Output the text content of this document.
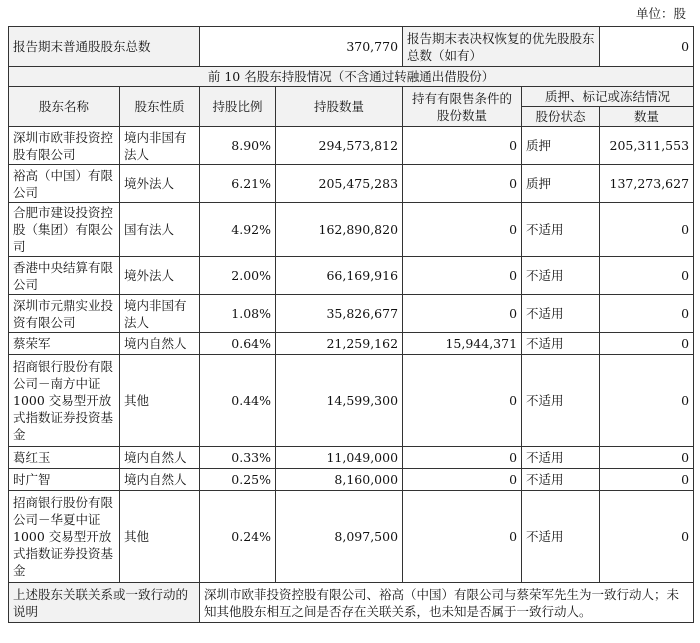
单位：股
报告期末普通股股东总数		370,770		报告期末表决权恢复的优先股股东总数（如有）		0
前 10 名股东持股情况（不含通过转融通出借股份）						
股东名称	股东性质	持股比例	持股数量	持有有限售条件的股份数量	质押、标记或冻结情况	
					股份状态	数量
深圳市欧菲投资控股有限公司	境内非国有法人	8.90%	294,573,812	0	质押	205,311,553
裕高（中国）有限公司	境外法人	6.21%	205,475,283	0	质押	137,273,627
合肥市建设投资控股（集团）有限公司	国有法人	4.92%	162,890,820	0	不适用	0
香港中央结算有限公司	境外法人	2.00%	66,169,916	0	不适用	0
深圳市元鼎实业投资有限公司	境内非国有法人	1.08%	35,826,677	0	不适用	0
蔡荣军	境内自然人	0.64%	21,259,162	15,944,371	不适用	0
招商银行股份有限公司－南方中证 1000 交易型开放式指数证券投资基金	其他	0.44%	14,599,300	0	不适用	0
葛红玉	境内自然人	0.33%	11,049,000	0	不适用	0
时广智	境内自然人	0.25%	8,160,000	0	不适用	0
招商银行股份有限公司－华夏中证 1000 交易型开放式指数证券投资基金	其他	0.24%	8,097,500	0	不适用	0
上述股东关联关系或一致行动的说明		深圳市欧菲投资控股有限公司、裕高（中国）有限公司与蔡荣军先生为一致行动人；未知其他股东相互之间是否存在关联关系，也未知是否属于一致行动人。				
